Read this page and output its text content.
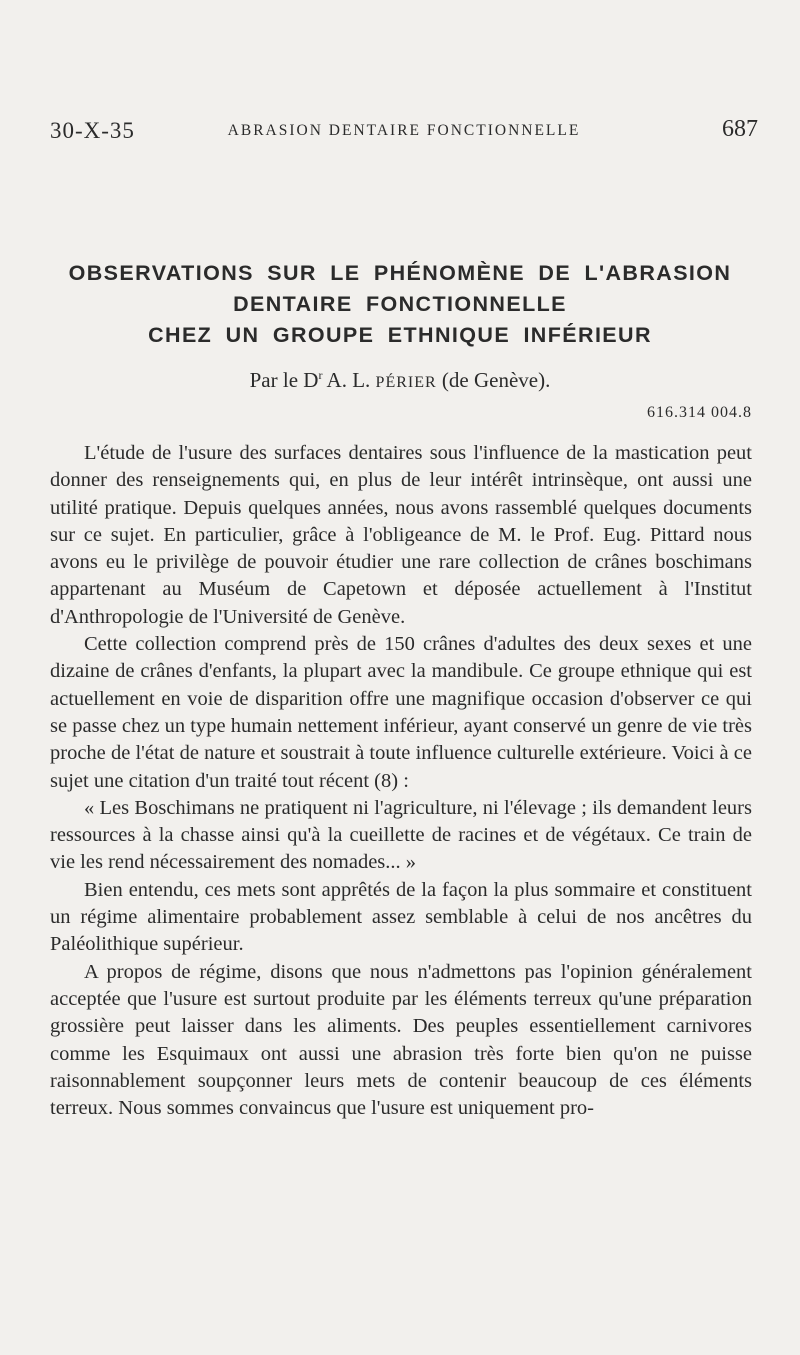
30-X-35	ABRASION DENTAIRE FONCTIONNELLE	687
OBSERVATIONS SUR LE PHÉNOMÈNE DE L'ABRASION
DENTAIRE FONCTIONNELLE
CHEZ UN GROUPE ETHNIQUE INFÉRIEUR
Par le $D^r$ A. L. PÉRIER (de Genève).
616.314 004.8

L'étude de l'usure des surfaces dentaires sous l'influence de la mastication peut donner des renseignements qui, en plus de leur intérêt intrinsèque, ont aussi une utilité pratique. Depuis quelques années, nous avons rassemblé quelques documents sur ce sujet. En particulier, grâce à l'obligeance de M. le Prof. Eug. Pittard nous avons eu le privilège de pouvoir étudier une rare collection de crânes boschimans appartenant au Muséum de Capetown et déposée actuellement à l'Institut d'Anthropologie de l'Université de Genève.

Cette collection comprend près de 150 crânes d'adultes des deux sexes et une dizaine de crânes d'enfants, la plupart avec la mandibule. Ce groupe ethnique qui est actuellement en voie de disparition offre une magnifique occasion d'observer ce qui se passe chez un type humain nettement inférieur, ayant conservé un genre de vie très proche de l'état de nature et soustrait à toute influence culturelle extérieure. Voici à ce sujet une citation d'un traité tout récent (8) :

« Les Boschimans ne pratiquent ni l'agriculture, ni l'élevage ; ils demandent leurs ressources à la chasse ainsi qu'à la cueillette de racines et de végétaux. Ce train de vie les rend nécessairement des nomades... »

Bien entendu, ces mets sont apprêtés de la façon la plus sommaire et constituent un régime alimentaire probablement assez semblable à celui de nos ancêtres du Paléolithique supérieur.

A propos de régime, disons que nous n'admettons pas l'opinion généralement acceptée que l'usure est surtout produite par les éléments terreux qu'une préparation grossière peut laisser dans les aliments. Des peuples essentiellement carnivores comme les Esquimaux ont aussi une abrasion très forte bien qu'on ne puisse raisonnablement soupçonner leurs mets de contenir beaucoup de ces éléments terreux. Nous sommes convaincus que l'usure est uniquement pro-
